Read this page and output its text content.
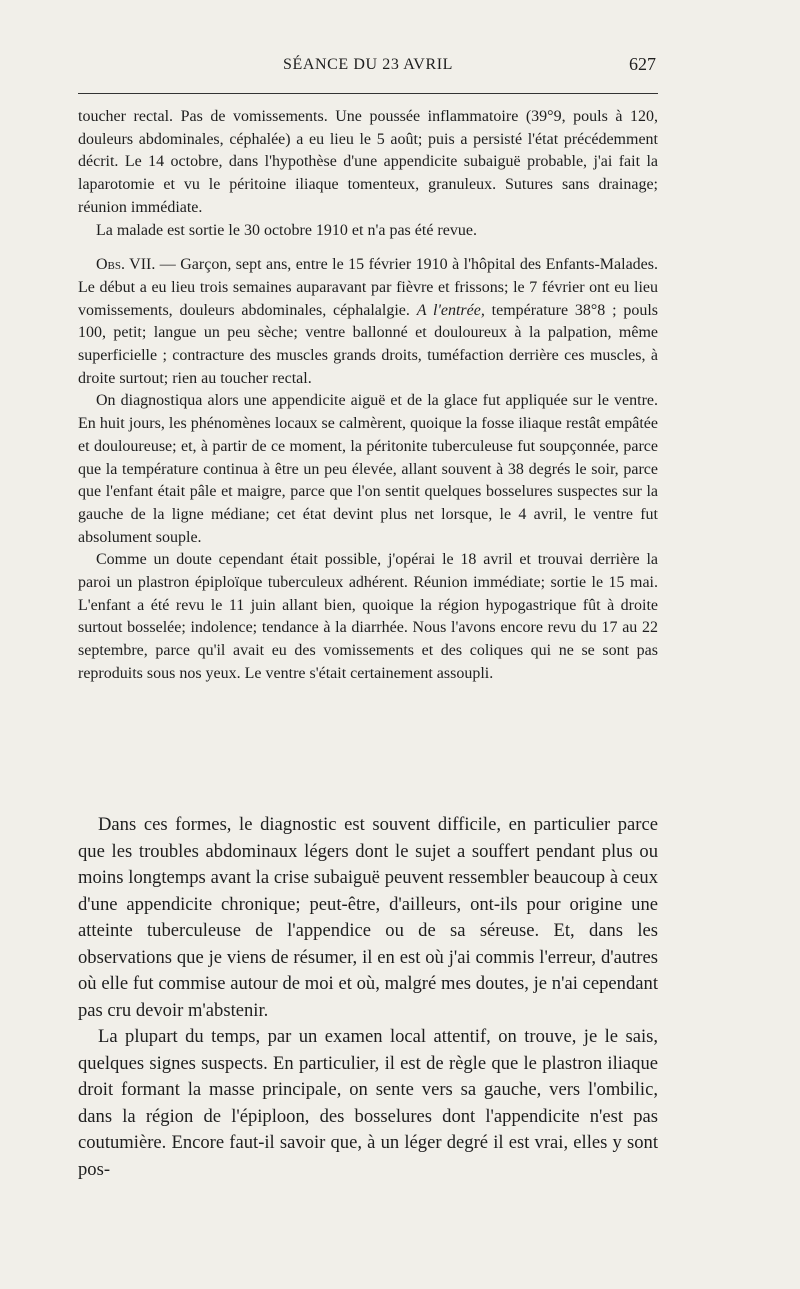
SÉANCE DU 23 AVRIL	627

toucher rectal. Pas de vomissements. Une poussée inflammatoire (39°9, pouls à 120, douleurs abdominales, céphalée) a eu lieu le 5 août; puis a persisté l'état précédemment décrit. Le 14 octobre, dans l'hypothèse d'une appendicite subaiguë probable, j'ai fait la laparotomie et vu le péritoine iliaque tomenteux, granuleux. Sutures sans drainage; réunion immédiate.

La malade est sortie le 30 octobre 1910 et n'a pas été revue.

Obs. VII. — Garçon, sept ans, entre le 15 février 1910 à l'hôpital des Enfants-Malades. Le début a eu lieu trois semaines auparavant par fièvre et frissons; le 7 février ont eu lieu vomissements, douleurs abdominales, céphalalgie. A l'entrée, température 38°8 ; pouls 100, petit; langue un peu sèche; ventre ballonné et douloureux à la palpation, même superficielle ; contracture des muscles grands droits, tuméfaction derrière ces muscles, à droite surtout; rien au toucher rectal.

On diagnostiqua alors une appendicite aiguë et de la glace fut appliquée sur le ventre. En huit jours, les phénomènes locaux se calmèrent, quoique la fosse iliaque restât empâtée et douloureuse; et, à partir de ce moment, la péritonite tuberculeuse fut soupçonnée, parce que la température continua à être un peu élevée, allant souvent à 38 degrés le soir, parce que l'enfant était pâle et maigre, parce que l'on sentit quelques bosselures suspectes sur la gauche de la ligne médiane; cet état devint plus net lorsque, le 4 avril, le ventre fut absolument souple.

Comme un doute cependant était possible, j'opérai le 18 avril et trouvai derrière la paroi un plastron épiploïque tuberculeux adhérent. Réunion immédiate; sortie le 15 mai. L'enfant a été revu le 11 juin allant bien, quoique la région hypogastrique fût à droite surtout bosselée; indolence; tendance à la diarrhée. Nous l'avons encore revu du 17 au 22 septembre, parce qu'il avait eu des vomissements et des coliques qui ne se sont pas reproduits sous nos yeux. Le ventre s'était certainement assoupli.

Dans ces formes, le diagnostic est souvent difficile, en particulier parce que les troubles abdominaux légers dont le sujet a souffert pendant plus ou moins longtemps avant la crise subaiguë peuvent ressembler beaucoup à ceux d'une appendicite chronique; peut-être, d'ailleurs, ont-ils pour origine une atteinte tuberculeuse de l'appendice ou de sa séreuse. Et, dans les observations que je viens de résumer, il en est où j'ai commis l'erreur, d'autres où elle fut commise autour de moi et où, malgré mes doutes, je n'ai cependant pas cru devoir m'abstenir.

La plupart du temps, par un examen local attentif, on trouve, je le sais, quelques signes suspects. En particulier, il est de règle que le plastron iliaque droit formant la masse principale, on sente vers sa gauche, vers l'ombilic, dans la région de l'épiploon, des bosselures dont l'appendicite n'est pas coutumière. Encore faut-il savoir que, à un léger degré il est vrai, elles y sont pos-
